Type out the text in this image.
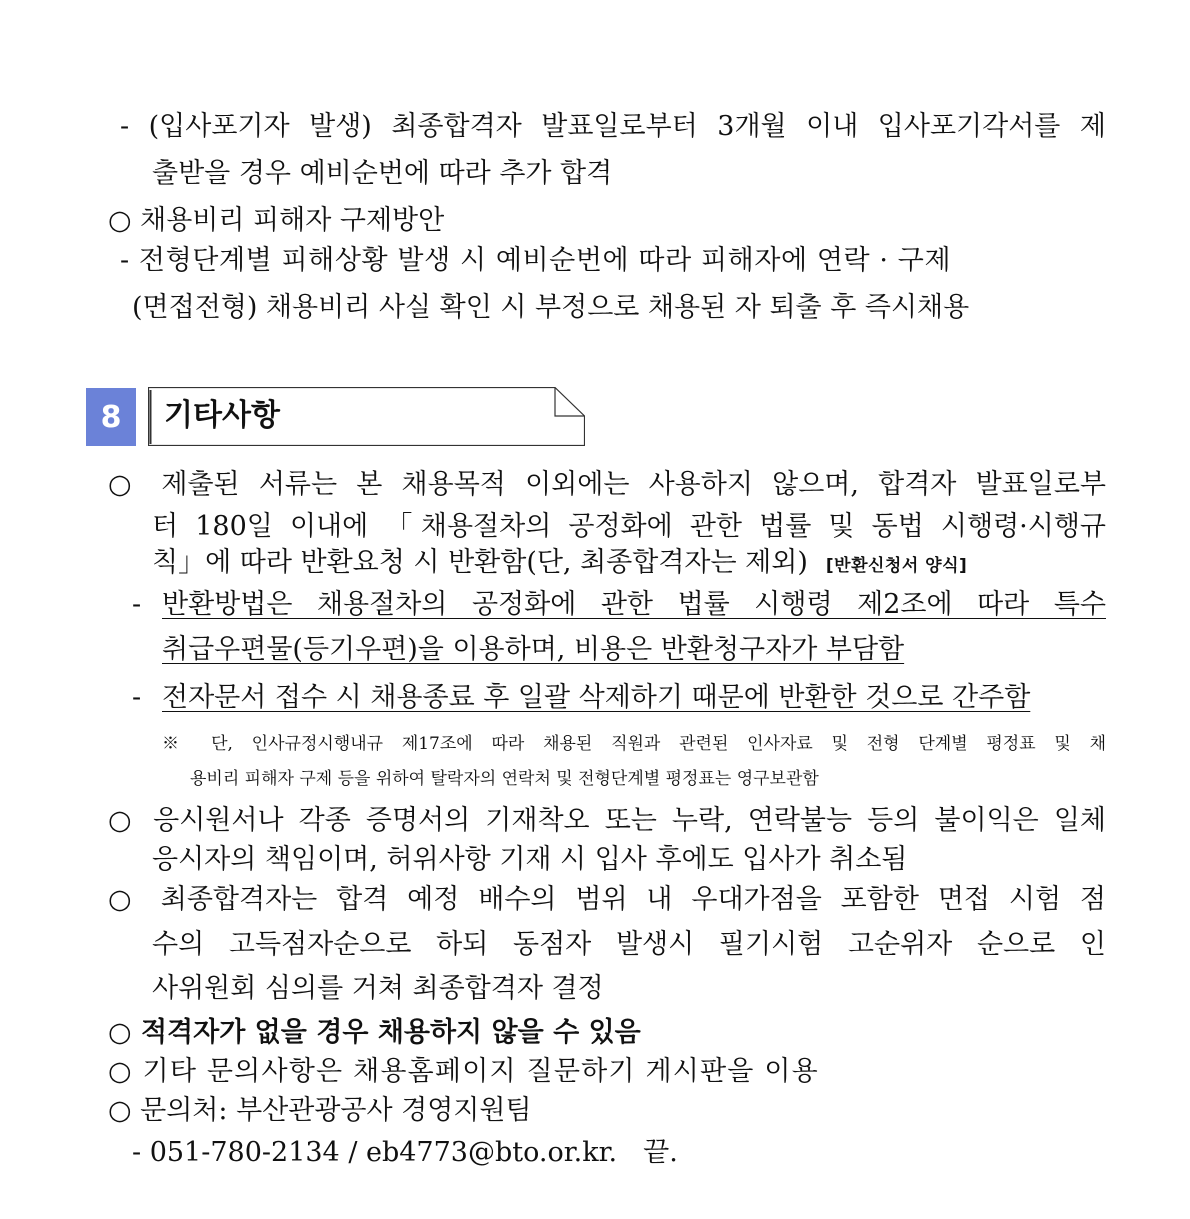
- (입사포기자 발생) 최종합격자 발표일로부터 3개월 이내 입사포기각서를 제
출받을 경우 예비순번에 따라 추가 합격
○ 채용비리 피해자 구제방안
- 전형단계별 피해상황 발생 시 예비순번에 따라 피해자에 연락 · 구제
(면접전형) 채용비리 사실 확인 시 부정으로 채용된 자 퇴출 후 즉시채용
8	기타사항
○ 제출된 서류는 본 채용목적 이외에는 사용하지 않으며, 합격자 발표일로부
터 180일 이내에 「채용절차의 공정화에 관한 법률 및 동법 시행령·시행규
칙」에 따라 반환요청 시 반환함(단, 최종합격자는 제외) [반환신청서 양식]
- 반환방법은 채용절차의 공정화에 관한 법률 시행령 제2조에 따라 특수
취급우편물(등기우편)을 이용하며, 비용은 반환청구자가 부담함
- 전자문서 접수 시 채용종료 후 일괄 삭제하기 때문에 반환한 것으로 간주함
※ 단, 인사규정시행내규 제17조에 따라 채용된 직원과 관련된 인사자료 및 전형 단계별 평정표 및 채
용비리 피해자 구제 등을 위하여 탈락자의 연락처 및 전형단계별 평정표는 영구보관함
○ 응시원서나 각종 증명서의 기재착오 또는 누락, 연락불능 등의 불이익은 일체
응시자의 책임이며, 허위사항 기재 시 입사 후에도 입사가 취소됨
○ 최종합격자는 합격 예정 배수의 범위 내 우대가점을 포함한 면접 시험 점
수의 고득점자순으로 하되 동점자 발생시 필기시험 고순위자 순으로 인
사위원회 심의를 거쳐 최종합격자 결정
○ 적격자가 없을 경우 채용하지 않을 수 있음
○ 기타 문의사항은 채용홈페이지 질문하기 게시판을 이용
○ 문의처: 부산관광공사 경영지원팀
- 051-780-2134 / eb4773@bto.or.kr. 끝.
